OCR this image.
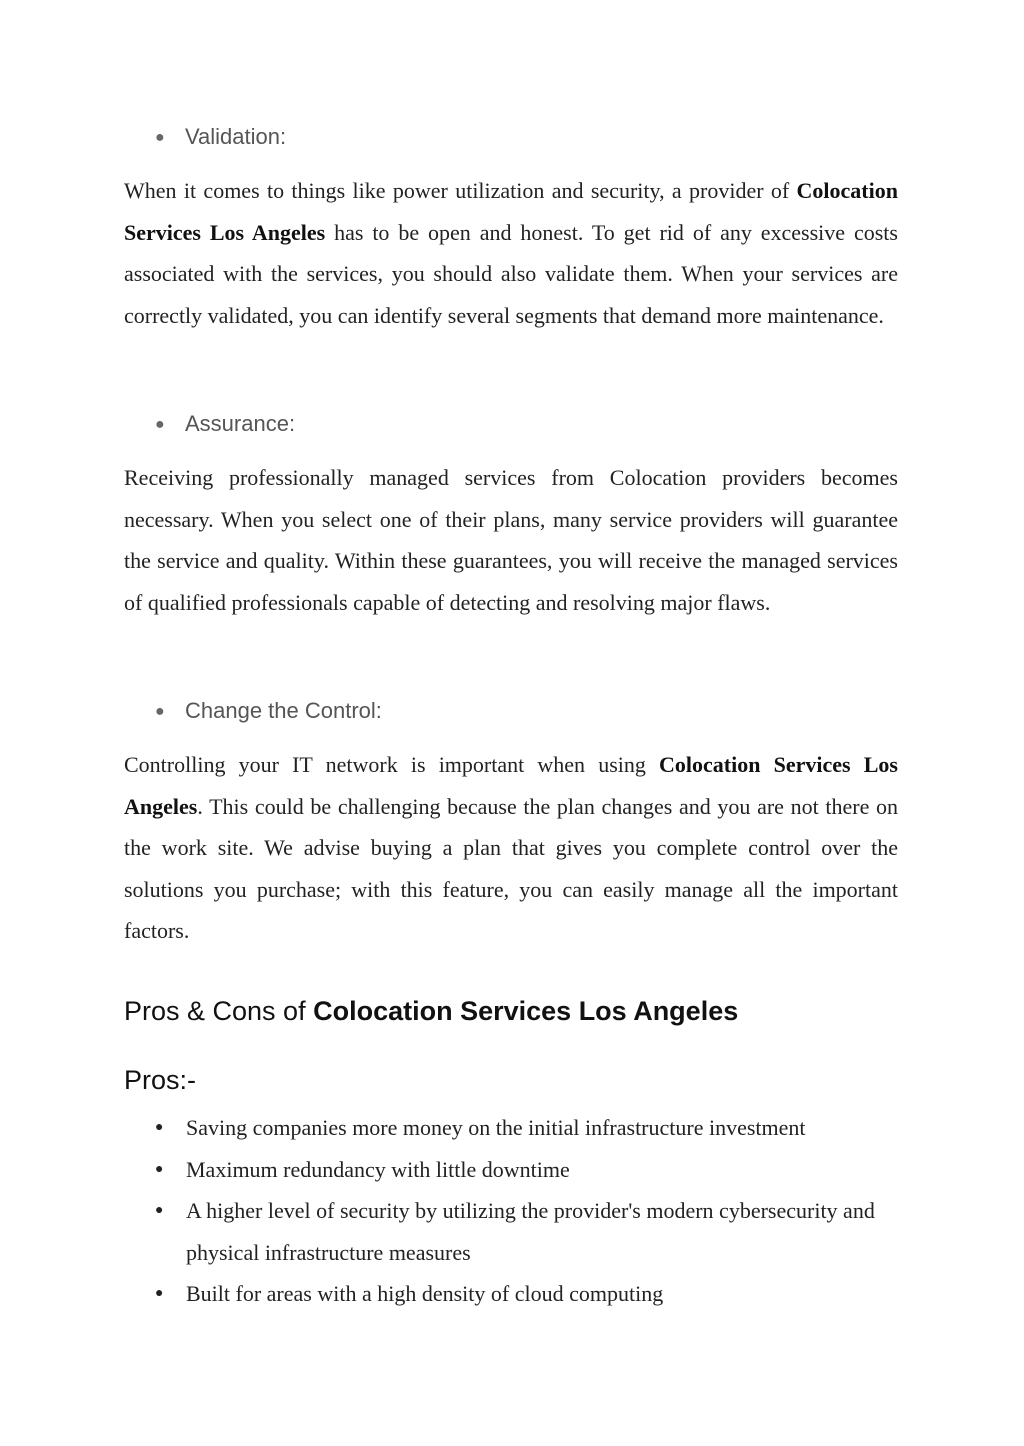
● Validation:
When it comes to things like power utilization and security, a provider of Colocation Services Los Angeles has to be open and honest. To get rid of any excessive costs associated with the services, you should also validate them. When your services are correctly validated, you can identify several segments that demand more maintenance.
● Assurance:
Receiving professionally managed services from Colocation providers becomes necessary. When you select one of their plans, many service providers will guarantee the service and quality. Within these guarantees, you will receive the managed services of qualified professionals capable of detecting and resolving major flaws.
● Change the Control:
Controlling your IT network is important when using Colocation Services Los Angeles. This could be challenging because the plan changes and you are not there on the work site. We advise buying a plan that gives you complete control over the solutions you purchase; with this feature, you can easily manage all the important factors.
Pros & Cons of Colocation Services Los Angeles
Pros:-
● Saving companies more money on the initial infrastructure investment
● Maximum redundancy with little downtime
● A higher level of security by utilizing the provider's modern cybersecurity and physical infrastructure measures
● Built for areas with a high density of cloud computing
